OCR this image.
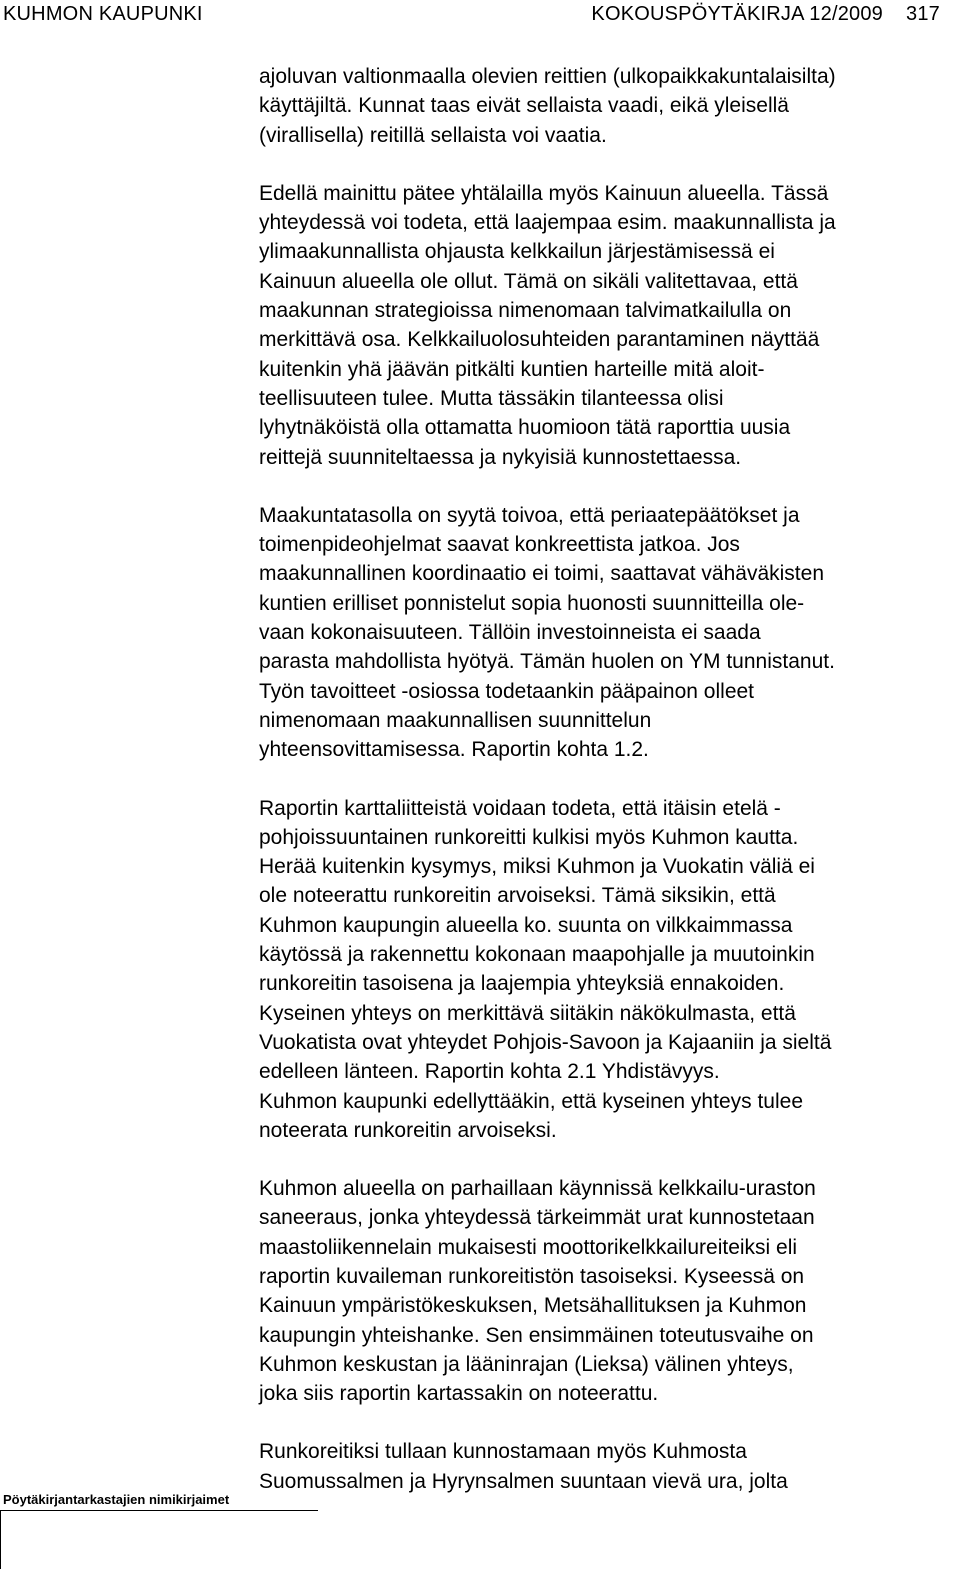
KUHMON KAUPUNKI	KOKOUSPÖYTÄKIRJA 12/2009    317

ajoluvan valtionmaalla olevien reittien (ulkopaikkakuntalaisilta)
käyttäjiltä. Kunnat taas eivät sellaista vaadi, eikä yleisellä
(virallisella) reitillä sellaista voi vaatia.

Edellä mainittu pätee yhtälailla myös Kainuun alueella. Tässä
yhteydessä voi todeta, että laajempaa esim. maakunnallista ja
ylimaakunnallista ohjausta kelkkailun järjestämisessä ei
Kainuun alueella ole ollut. Tämä on sikäli valitettavaa, että
maakunnan strategioissa nimenomaan talvimatkailulla on
merkittävä osa. Kelkkailuolosuhteiden parantaminen näyttää
kuitenkin yhä jäävän pitkälti kuntien harteille mitä aloit-
teellisuuteen tulee. Mutta tässäkin tilanteessa olisi
lyhytnäköistä olla ottamatta huomioon tätä raporttia uusia
reittejä suunniteltaessa ja nykyisiä kunnostettaessa.

Maakuntatasolla on syytä toivoa, että periaatepäätökset ja
toimenpideohjelmat saavat konkreettista jatkoa. Jos
maakunnallinen koordinaatio ei toimi, saattavat vähäväkisten
kuntien erilliset ponnistelut sopia huonosti suunnitteilla ole-
vaan kokonaisuuteen. Tällöin investoinneista ei saada
parasta mahdollista hyötyä. Tämän huolen on YM tunnistanut.
Työn tavoitteet -osiossa todetaankin pääpainon olleet
nimenomaan maakunnallisen suunnittelun
yhteensovittamisessa. Raportin kohta 1.2.

Raportin karttaliitteistä voidaan todeta, että itäisin etelä -
pohjoissuuntainen runkoreitti kulkisi myös Kuhmon kautta.
Herää kuitenkin kysymys, miksi Kuhmon ja Vuokatin väliä ei
ole noteerattu runkoreitin arvoiseksi. Tämä siksikin, että
Kuhmon kaupungin alueella ko. suunta on vilkkaimmassa
käytössä ja rakennettu kokonaan maapohjalle ja muutoinkin
runkoreitin tasoisena ja laajempia yhteyksiä ennakoiden.
Kyseinen yhteys on merkittävä siitäkin näkökulmasta, että
Vuokatista ovat yhteydet Pohjois-Savoon ja Kajaaniin ja sieltä
edelleen länteen. Raportin kohta 2.1 Yhdistävyys.
Kuhmon kaupunki edellyttääkin, että kyseinen yhteys tulee
noteerata runkoreitin arvoiseksi.

Kuhmon alueella on parhaillaan käynnissä kelkkailu-uraston
saneeraus, jonka yhteydessä tärkeimmät urat kunnostetaan
maastoliikennelain mukaisesti moottorikelkkailureiteiksi eli
raportin kuvaileman runkoreitistön tasoiseksi. Kyseessä on
Kainuun ympäristökeskuksen, Metsähallituksen ja Kuhmon
kaupungin yhteishanke. Sen ensimmäinen toteutusvaihe on
Kuhmon keskustan ja lääninrajan (Lieksa) välinen yhteys,
joka siis raportin kartassakin on noteerattu.

Runkoreitiksi tullaan kunnostamaan myös Kuhmosta
Suomussalmen ja Hyrynsalmen suuntaan vievä ura, jolta

Pöytäkirjantarkastajien nimikirjaimet
